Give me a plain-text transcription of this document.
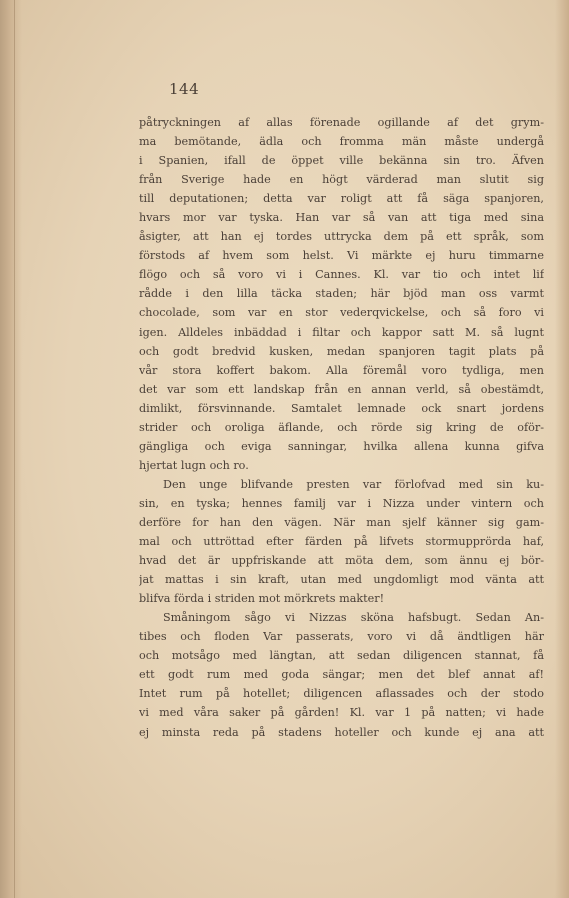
144
påtryckningen af allas förenade ogillande af det grym-
ma bemötande, ädla och fromma män måste undergå
i Spanien, ifall de öppet ville bekänna sin tro. Äfven
från Sverige hade en högt värderad man slutit sig
till deputationen; detta var roligt att få säga spanjoren,
hvars mor var tyska. Han var så van att tiga med sina
åsigter, att han ej tordes uttrycka dem på ett språk, som
förstods af hvem som helst. Vi märkte ej huru timmarne
flögo och så voro vi i Cannes. Kl. var tio och intet lif
rådde i den lilla täcka staden; här bjöd man oss varmt
chocolade, som var en stor vederqvickelse, och så foro vi
igen. Alldeles inbäddad i filtar och kappor satt M. så lugnt
och godt bredvid kusken, medan spanjoren tagit plats på
vår stora koffert bakom. Alla föremål voro tydliga, men
det var som ett landskap från en annan verld, så obestämdt,
dimlikt, försvinnande. Samtalet lemnade ock snart jordens
strider och oroliga äflande, och rörde sig kring de oför-
gängliga och eviga sanningar, hvilka allena kunna gifva
hjertat lugn och ro.
Den unge blifvande presten var förlofvad med sin ku-
sin, en tyska; hennes familj var i Nizza under vintern och
derföre for han den vägen. När man sjelf känner sig gam-
mal och uttröttad efter färden på lifvets stormupprörda haf,
hvad det är uppfriskande att möta dem, som ännu ej bör-
jat mattas i sin kraft, utan med ungdomligt mod vänta att
blifva förda i striden mot mörkrets makter!
Småningom sågo vi Nizzas sköna hafsbugt. Sedan An-
tibes och floden Var passerats, voro vi då ändtligen här
och motsågo med längtan, att sedan diligencen stannat, få
ett godt rum med goda sängar; men det blef annat af!
Intet rum på hotellet; diligencen aflassades och der stodo
vi med våra saker på gården! Kl. var 1 på natten; vi hade
ej minsta reda på stadens hoteller och kunde ej ana att
